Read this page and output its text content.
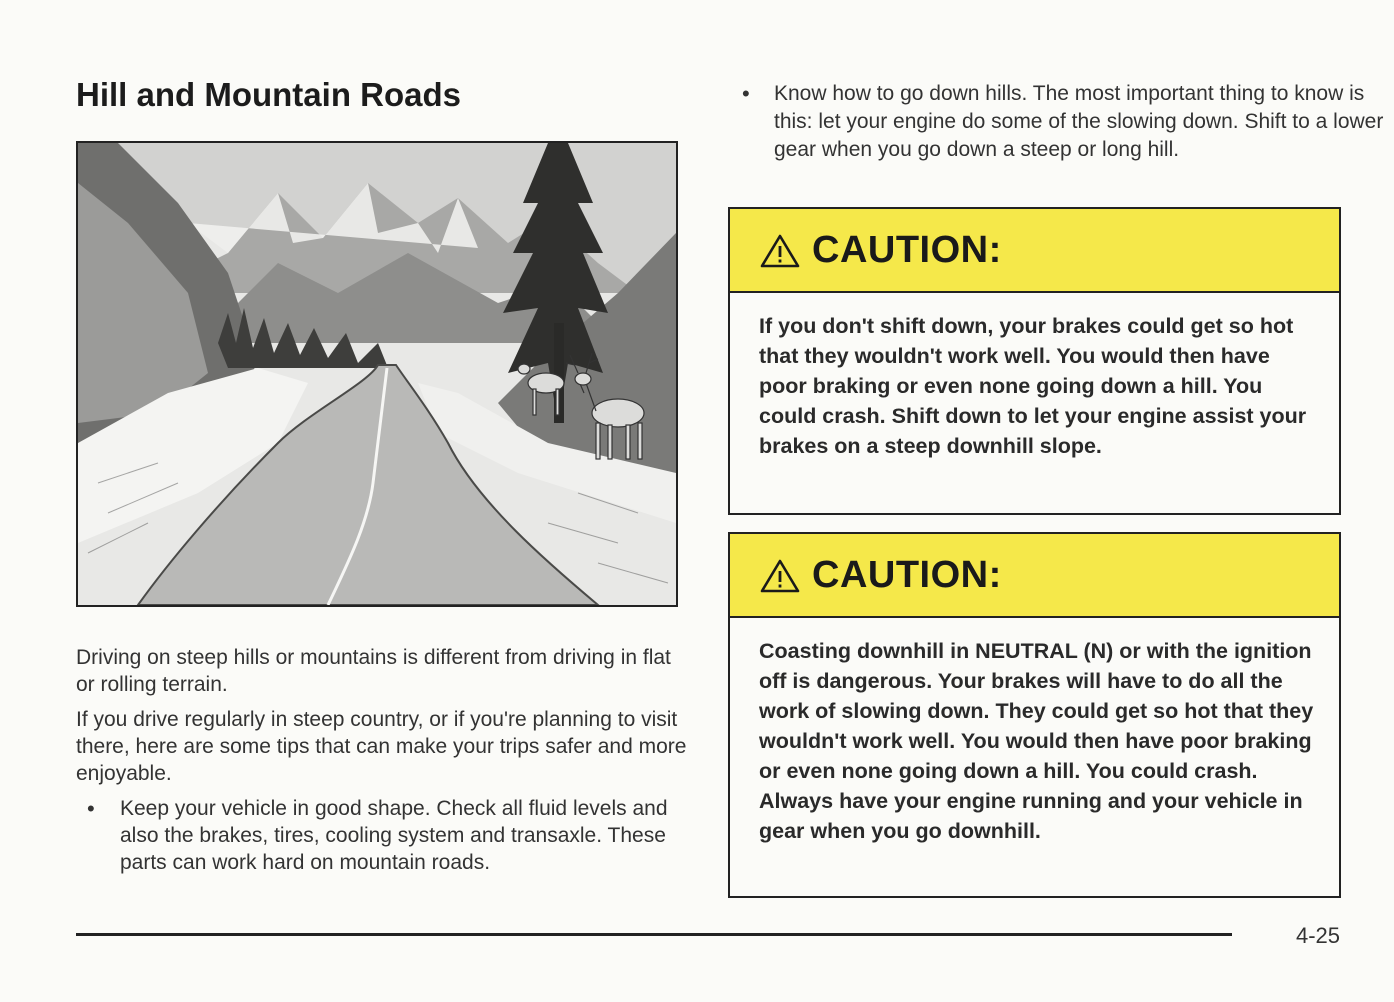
Hill and Mountain Roads

Driving on steep hills or mountains is different from driving in flat or rolling terrain.

If you drive regularly in steep country, or if you're planning to visit there, here are some tips that can make your trips safer and more enjoyable.

• Keep your vehicle in good shape. Check all fluid levels and also the brakes, tires, cooling system and transaxle. These parts can work hard on mountain roads.
• Know how to go down hills. The most important thing to know is this: let your engine do some of the slowing down. Shift to a lower gear when you go down a steep or long hill.
CAUTION:
If you don't shift down, your brakes could get so hot that they wouldn't work well. You would then have poor braking or even none going down a hill. You could crash. Shift down to let your engine assist your brakes on a steep downhill slope.
CAUTION:
Coasting downhill in NEUTRAL (N) or with the ignition off is dangerous. Your brakes will have to do all the work of slowing down. They could get so hot that they wouldn't work well. You would then have poor braking or even none going down a hill. You could crash. Always have your engine running and your vehicle in gear when you go downhill.
4-25
